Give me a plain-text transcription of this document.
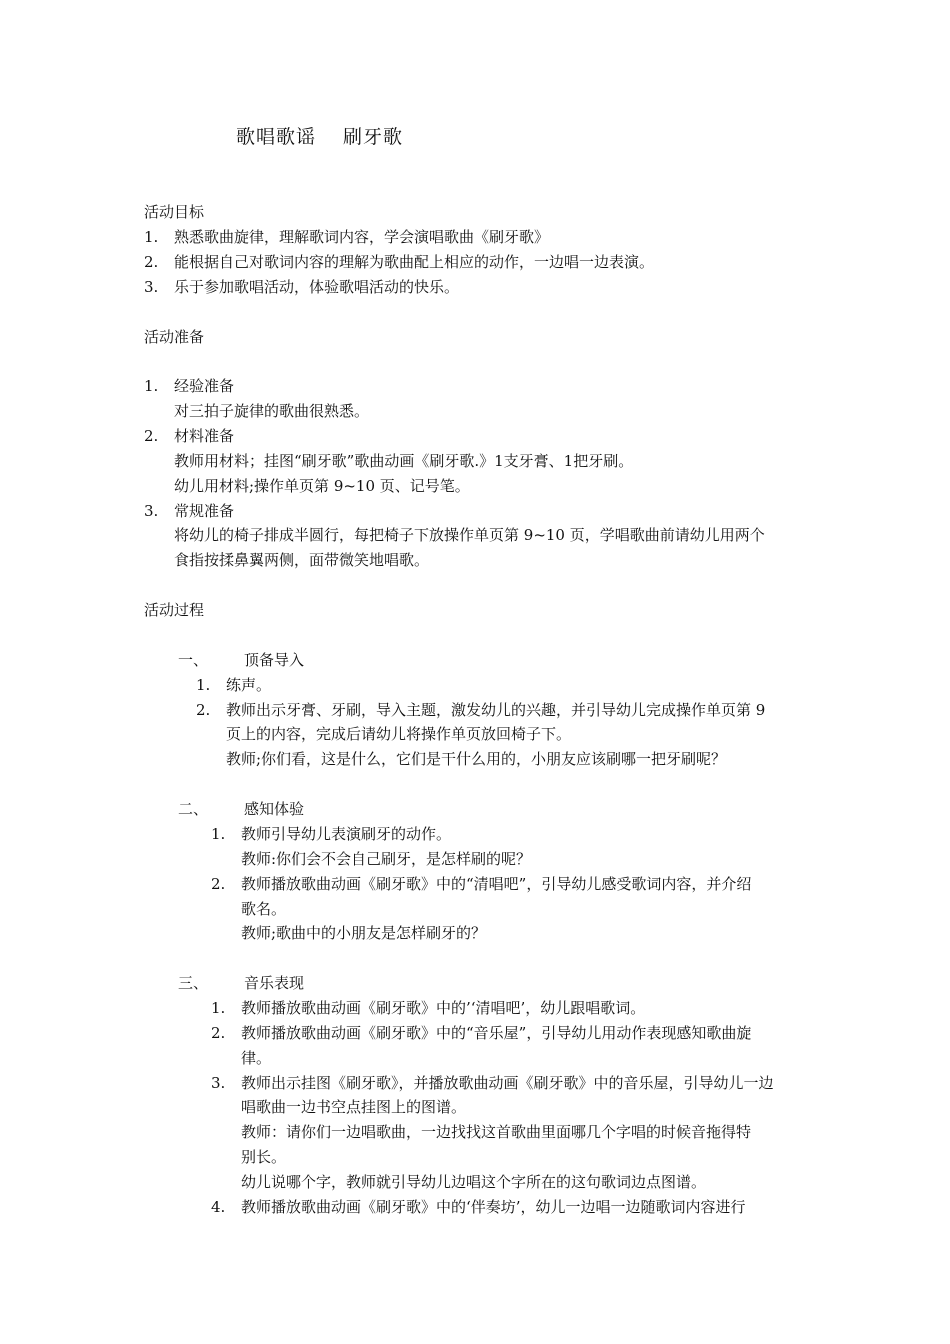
歌唱歌谣　 刷牙歌
活动目标
1. 熟悉歌曲旋律，理解歌词内容，学会演唱歌曲《刷牙歌》
2. 能根据自己对歌词内容的理解为歌曲配上相应的动作，一边唱一边表演。
3. 乐于参加歌唱活动，体验歌唱活动的快乐。
活动准备
1. 经验准备
对三拍子旋律的歌曲很熟悉。
2. 材料准备
教师用材料；挂图“刷牙歌”歌曲动画《刷牙歌.》1支牙膏、1把牙刷。
幼儿用材料;操作单页第 9~10 页、记号笔。
3. 常规准备
将幼儿的椅子排成半圆行，每把椅子下放操作单页第 9~10 页，学唱歌曲前请幼儿用两个
食指按揉鼻翼两侧，面带微笑地唱歌。
活动过程
一、 顶备导入
1. 练声。
2. 教师出示牙膏、牙刷，导入主题，激发幼儿的兴趣，并引导幼儿完成操作单页第 9
页上的内容，完成后请幼儿将操作单页放回椅子下。
教师;你们看，这是什么，它们是干什么用的，小朋友应该刷哪一把牙刷呢？
二、 感知体验
1. 教师引导幼儿表演刷牙的动作。
教师:你们会不会自己刷牙，是怎样刷的呢？
2. 教师播放歌曲动画《刷牙歌》中的“清唱吧”，引导幼儿感受歌词内容，并介绍
歌名。
教师;歌曲中的小朋友是怎样刷牙的？
三、 音乐表现
1. 教师播放歌曲动画《刷牙歌》中的’‘清唱吧’，幼儿跟唱歌词。
2. 教师播放歌曲动画《刷牙歌》中的“音乐屋”，引导幼儿用动作表现感知歌曲旋
律。
3. 教师出示挂图《刷牙歌》，并播放歌曲动画《刷牙歌》中的音乐屋，引导幼儿一边
唱歌曲一边书空点挂图上的图谱。
教师：请你们一边唱歌曲，一边找找这首歌曲里面哪几个字唱的时候音拖得特
别长。
幼儿说哪个字，教师就引导幼儿边唱这个字所在的这句歌词边点图谱。
4. 教师播放歌曲动画《刷牙歌》中的‘伴奏坊’，幼儿一边唱一边随歌词内容进行
